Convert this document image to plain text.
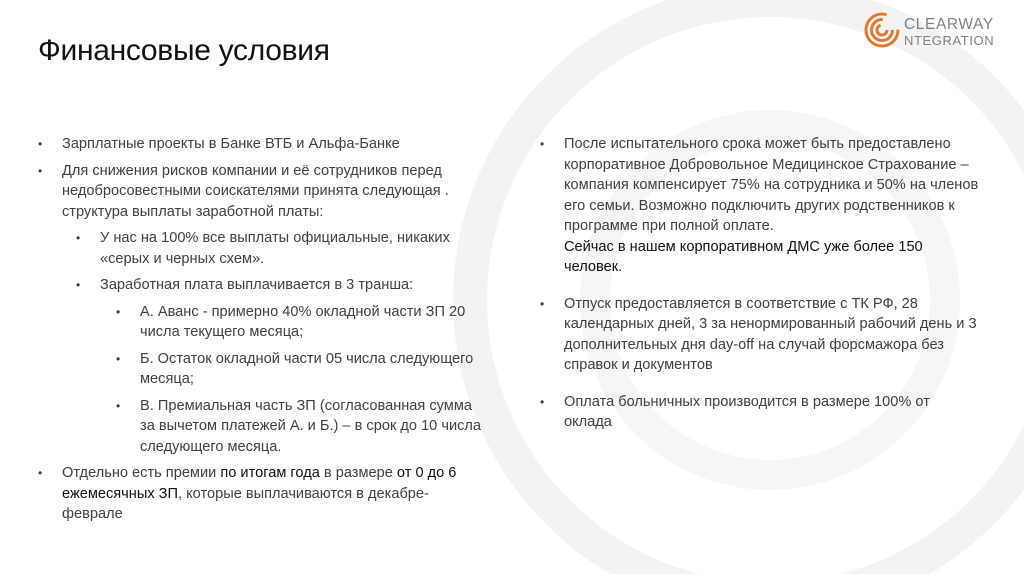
Финансовые условия
CLEARWAY
NTEGRATION
• Зарплатные проекты в Банке ВТБ и Альфа-Банке
• Для снижения рисков компании и её сотрудников перед недобросовестными соискателями принята следующая . структура выплаты заработной платы:
• У нас на 100% все выплаты официальные, никаких «серых и черных схем».
• Заработная плата выплачивается в 3 транша:
• А. Аванс - примерно 40% окладной части ЗП 20 числа текущего месяца;
• Б. Остаток окладной части 05 числа следующего месяца;
• В. Премиальная часть ЗП (согласованная сумма за вычетом платежей А. и Б.) – в срок до 10 числа следующего месяца.
• Отдельно есть премии по итогам года в размере от 0 до 6 ежемесячных ЗП, которые выплачиваются в декабре-феврале
• После испытательного срока может быть предоставлено корпоративное Добровольное Медицинское Страхование – компания компенсирует 75% на сотрудника и 50% на членов его семьи. Возможно подключить других родственников к программе при полной оплате.
Сейчас в нашем корпоративном ДМС уже более 150 человек.
• Отпуск предоставляется в соответствие с ТК РФ, 28 календарных дней, 3 за ненормированный рабочий день и 3 дополнительных дня day-off на случай форсмажора без справок и документов
• Оплата больничных производится в размере 100% от оклада
